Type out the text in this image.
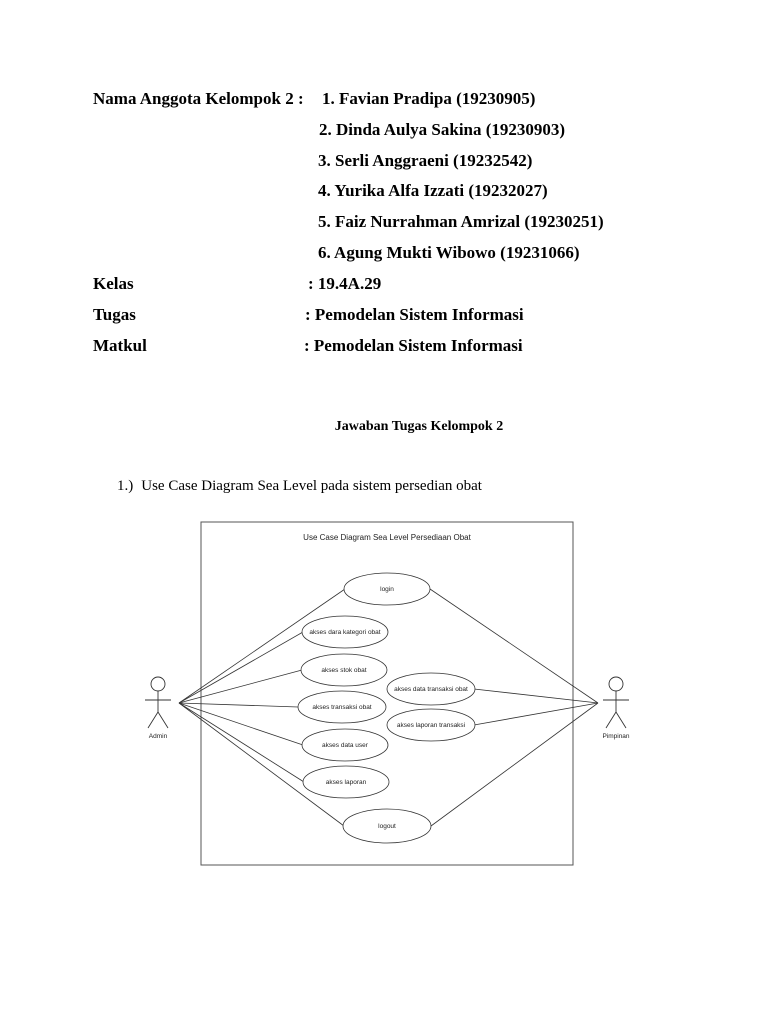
Nama Anggota Kelompok 2 : 1. Favian Pradipa (19230905)
2. Dinda Aulya Sakina (19230903)
3. Serli Anggraeni (19232542)
4. Yurika Alfa Izzati (19232027)
5. Faiz Nurrahman Amrizal (19230251)
6. Agung Mukti Wibowo (19231066)
Kelas	: 19.4A.29
Tugas	: Pemodelan Sistem Informasi
Matkul	: Pemodelan Sistem Informasi
Jawaban Tugas Kelompok 2
1.) Use Case Diagram Sea Level pada sistem persedian obat
Use Case Diagram Sea Level Persediaan Obat
login
akses dara kategori obat
akses stok obat
akses transaksi obat
akses data user
akses laporan
logout
akses data transaksi obat
akses laporan transaksi
Admin	Pimpinan
